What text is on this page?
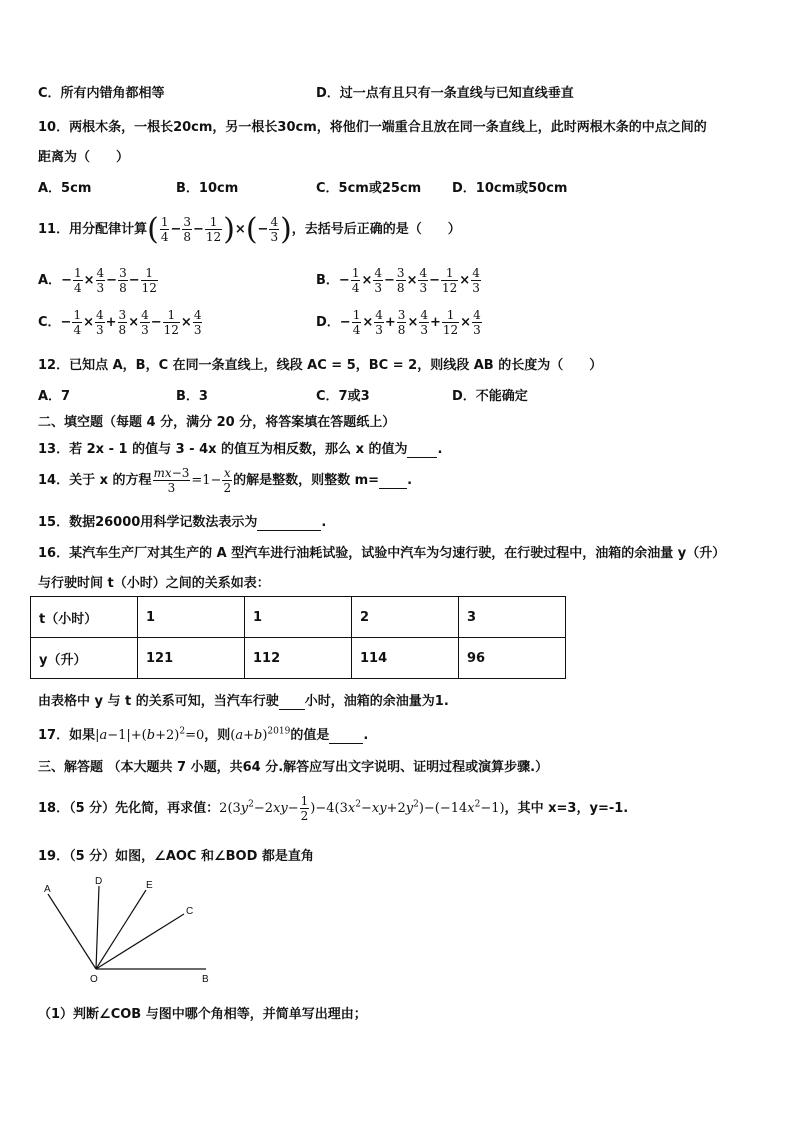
C．所有内错角都相等	D．过一点有且只有一条直线与已知直线垂直
10．两根木条，一根长20cm，另一根长30cm，将他们一端重合且放在同一条直线上，此时两根木条的中点之间的
距离为（　　）
A．5cm	B．10cm	C．5cm或25cm D．10cm或50cm
11．用分配律计算( $\frac{1}{4} - \frac{3}{8} - \frac{1}{12}$ )×(− $\frac{4}{3}$ )，去括号后正确的是（　　）
A．− $\frac{1}{4} \times \frac{4}{3} - \frac{3}{8} - \frac{1}{12}$	B．− $\frac{1}{4} \times \frac{4}{3} - \frac{3}{8} \times \frac{4}{3} - \frac{1}{12} \times \frac{4}{3}$
C．− $\frac{1}{4} \times \frac{4}{3} + \frac{3}{8} \times \frac{4}{3} - \frac{1}{12} \times \frac{4}{3}$	D．− $\frac{1}{4} \times \frac{4}{3} + \frac{3}{8} \times \frac{4}{3} + \frac{1}{12} \times \frac{4}{3}$
12．已知点 A，B，C 在同一条直线上，线段 AC = 5，BC = 2，则线段 AB 的长度为（　　）
A．7	B．3	C．7或3	D．不能确定
二、填空题（每题 4 分，满分 20 分，将答案填在答题纸上）
13．若 2x - 1 的值与 3 - 4x 的值互为相反数，那么 x 的值为 .
14．关于 x 的方程 $\frac{mx-3}{3} =1- \frac{x}{2}$ 的解是整数，则整数 m= .
15．数据26000用科学记数法表示为	.
16．某汽车生产厂对其生产的 A 型汽车进行油耗试验，试验中汽车为匀速行驶，在行驶过程中，油箱的余油量 y（升）
与行驶时间 t（小时）之间的关系如表：
t（小时）	1	1	2	3
y（升）	121	112	114	96
由表格中 y 与 t 的关系可知，当汽车行驶 小时，油箱的余油量为1.
17．如果$|a-1|+(b+2)^2=0$，则$(a+b)^{2019}$的值是	.
三、解答题 （本大题共 7 小题，共64 分.解答应写出文字说明、证明过程或演算步骤.）
18．（5 分）先化简，再求值：$2(3y^2-2xy- \frac{1}{2} )-4(3x^2-xy+2y^2)-(-14x^2-1)$，其中 x=3，y=-1.
19．（5 分）如图，∠AOC 和∠BOD 都是直角
A
D	E
C
O	B
（1）判断∠COB 与图中哪个角相等，并简单写出理由；
